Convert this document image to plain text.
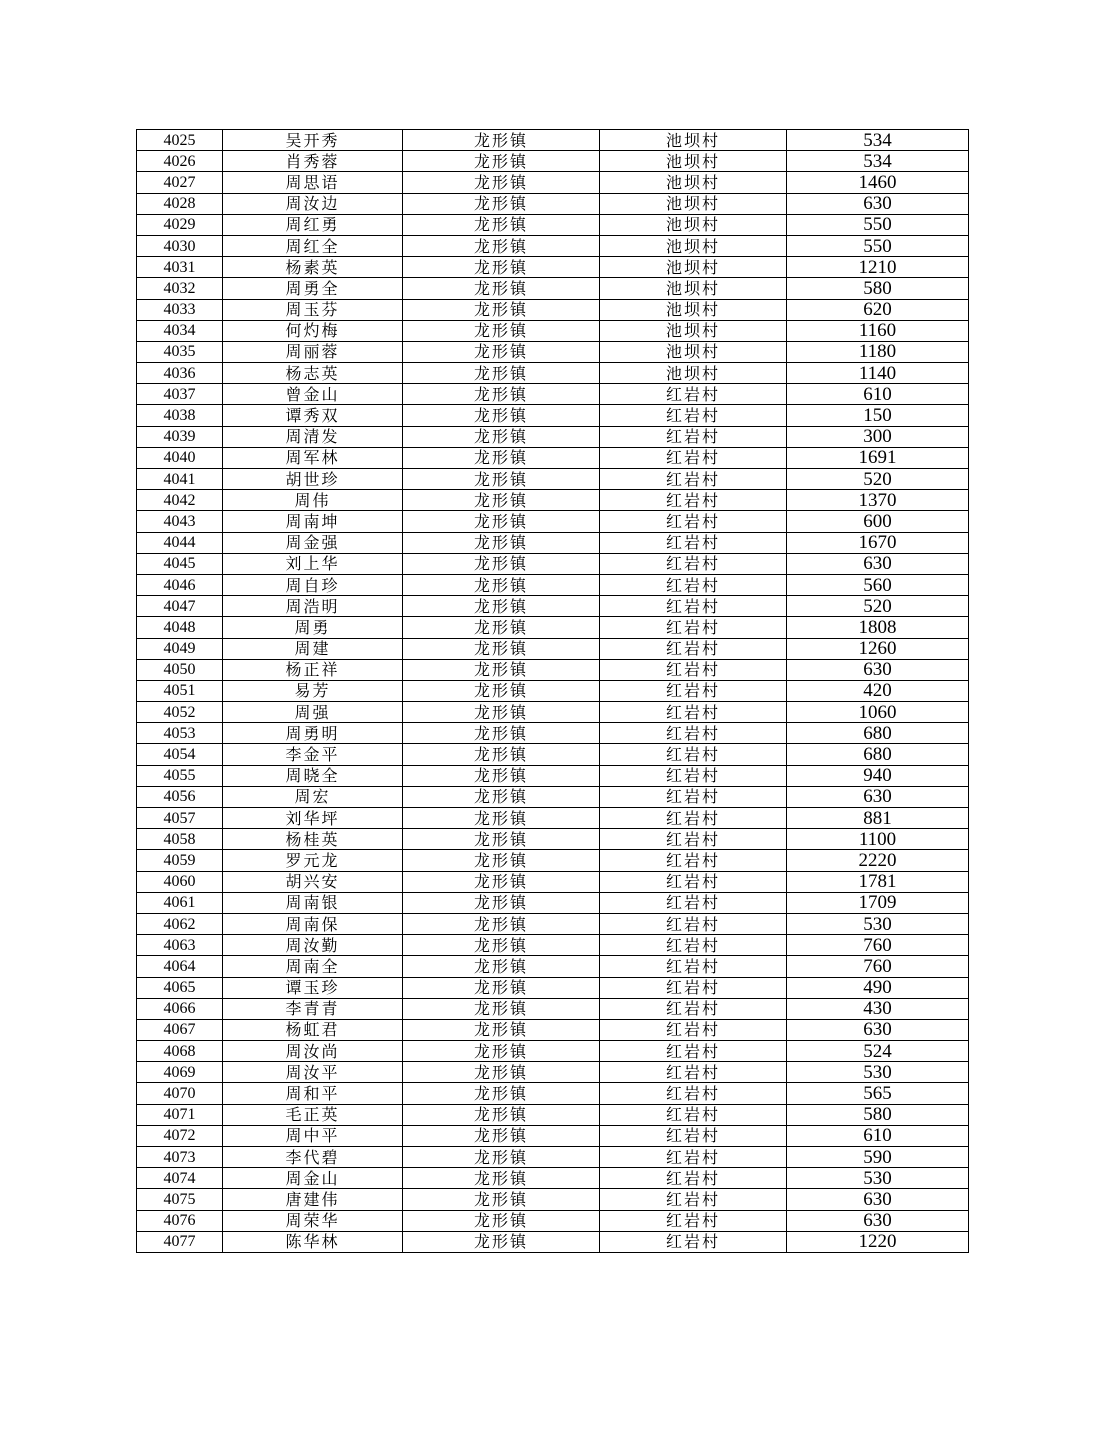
4025	吴开秀	龙形镇	池坝村	534
4026	肖秀蓉	龙形镇	池坝村	534
4027	周思语	龙形镇	池坝村	1460
4028	周汝边	龙形镇	池坝村	630
4029	周红勇	龙形镇	池坝村	550
4030	周红全	龙形镇	池坝村	550
4031	杨素英	龙形镇	池坝村	1210
4032	周勇全	龙形镇	池坝村	580
4033	周玉芬	龙形镇	池坝村	620
4034	何灼梅	龙形镇	池坝村	1160
4035	周丽蓉	龙形镇	池坝村	1180
4036	杨志英	龙形镇	池坝村	1140
4037	曾金山	龙形镇	红岩村	610
4038	谭秀双	龙形镇	红岩村	150
4039	周清发	龙形镇	红岩村	300
4040	周军林	龙形镇	红岩村	1691
4041	胡世珍	龙形镇	红岩村	520
4042	周伟	龙形镇	红岩村	1370
4043	周南坤	龙形镇	红岩村	600
4044	周金强	龙形镇	红岩村	1670
4045	刘上华	龙形镇	红岩村	630
4046	周自珍	龙形镇	红岩村	560
4047	周浩明	龙形镇	红岩村	520
4048	周勇	龙形镇	红岩村	1808
4049	周建	龙形镇	红岩村	1260
4050	杨正祥	龙形镇	红岩村	630
4051	易芳	龙形镇	红岩村	420
4052	周强	龙形镇	红岩村	1060
4053	周勇明	龙形镇	红岩村	680
4054	李金平	龙形镇	红岩村	680
4055	周晓全	龙形镇	红岩村	940
4056	周宏	龙形镇	红岩村	630
4057	刘华坪	龙形镇	红岩村	881
4058	杨桂英	龙形镇	红岩村	1100
4059	罗元龙	龙形镇	红岩村	2220
4060	胡兴安	龙形镇	红岩村	1781
4061	周南银	龙形镇	红岩村	1709
4062	周南保	龙形镇	红岩村	530
4063	周汝勤	龙形镇	红岩村	760
4064	周南全	龙形镇	红岩村	760
4065	谭玉珍	龙形镇	红岩村	490
4066	李青青	龙形镇	红岩村	430
4067	杨虹君	龙形镇	红岩村	630
4068	周汝尚	龙形镇	红岩村	524
4069	周汝平	龙形镇	红岩村	530
4070	周和平	龙形镇	红岩村	565
4071	毛正英	龙形镇	红岩村	580
4072	周中平	龙形镇	红岩村	610
4073	李代碧	龙形镇	红岩村	590
4074	周金山	龙形镇	红岩村	530
4075	唐建伟	龙形镇	红岩村	630
4076	周荣华	龙形镇	红岩村	630
4077	陈华林	龙形镇	红岩村	1220
